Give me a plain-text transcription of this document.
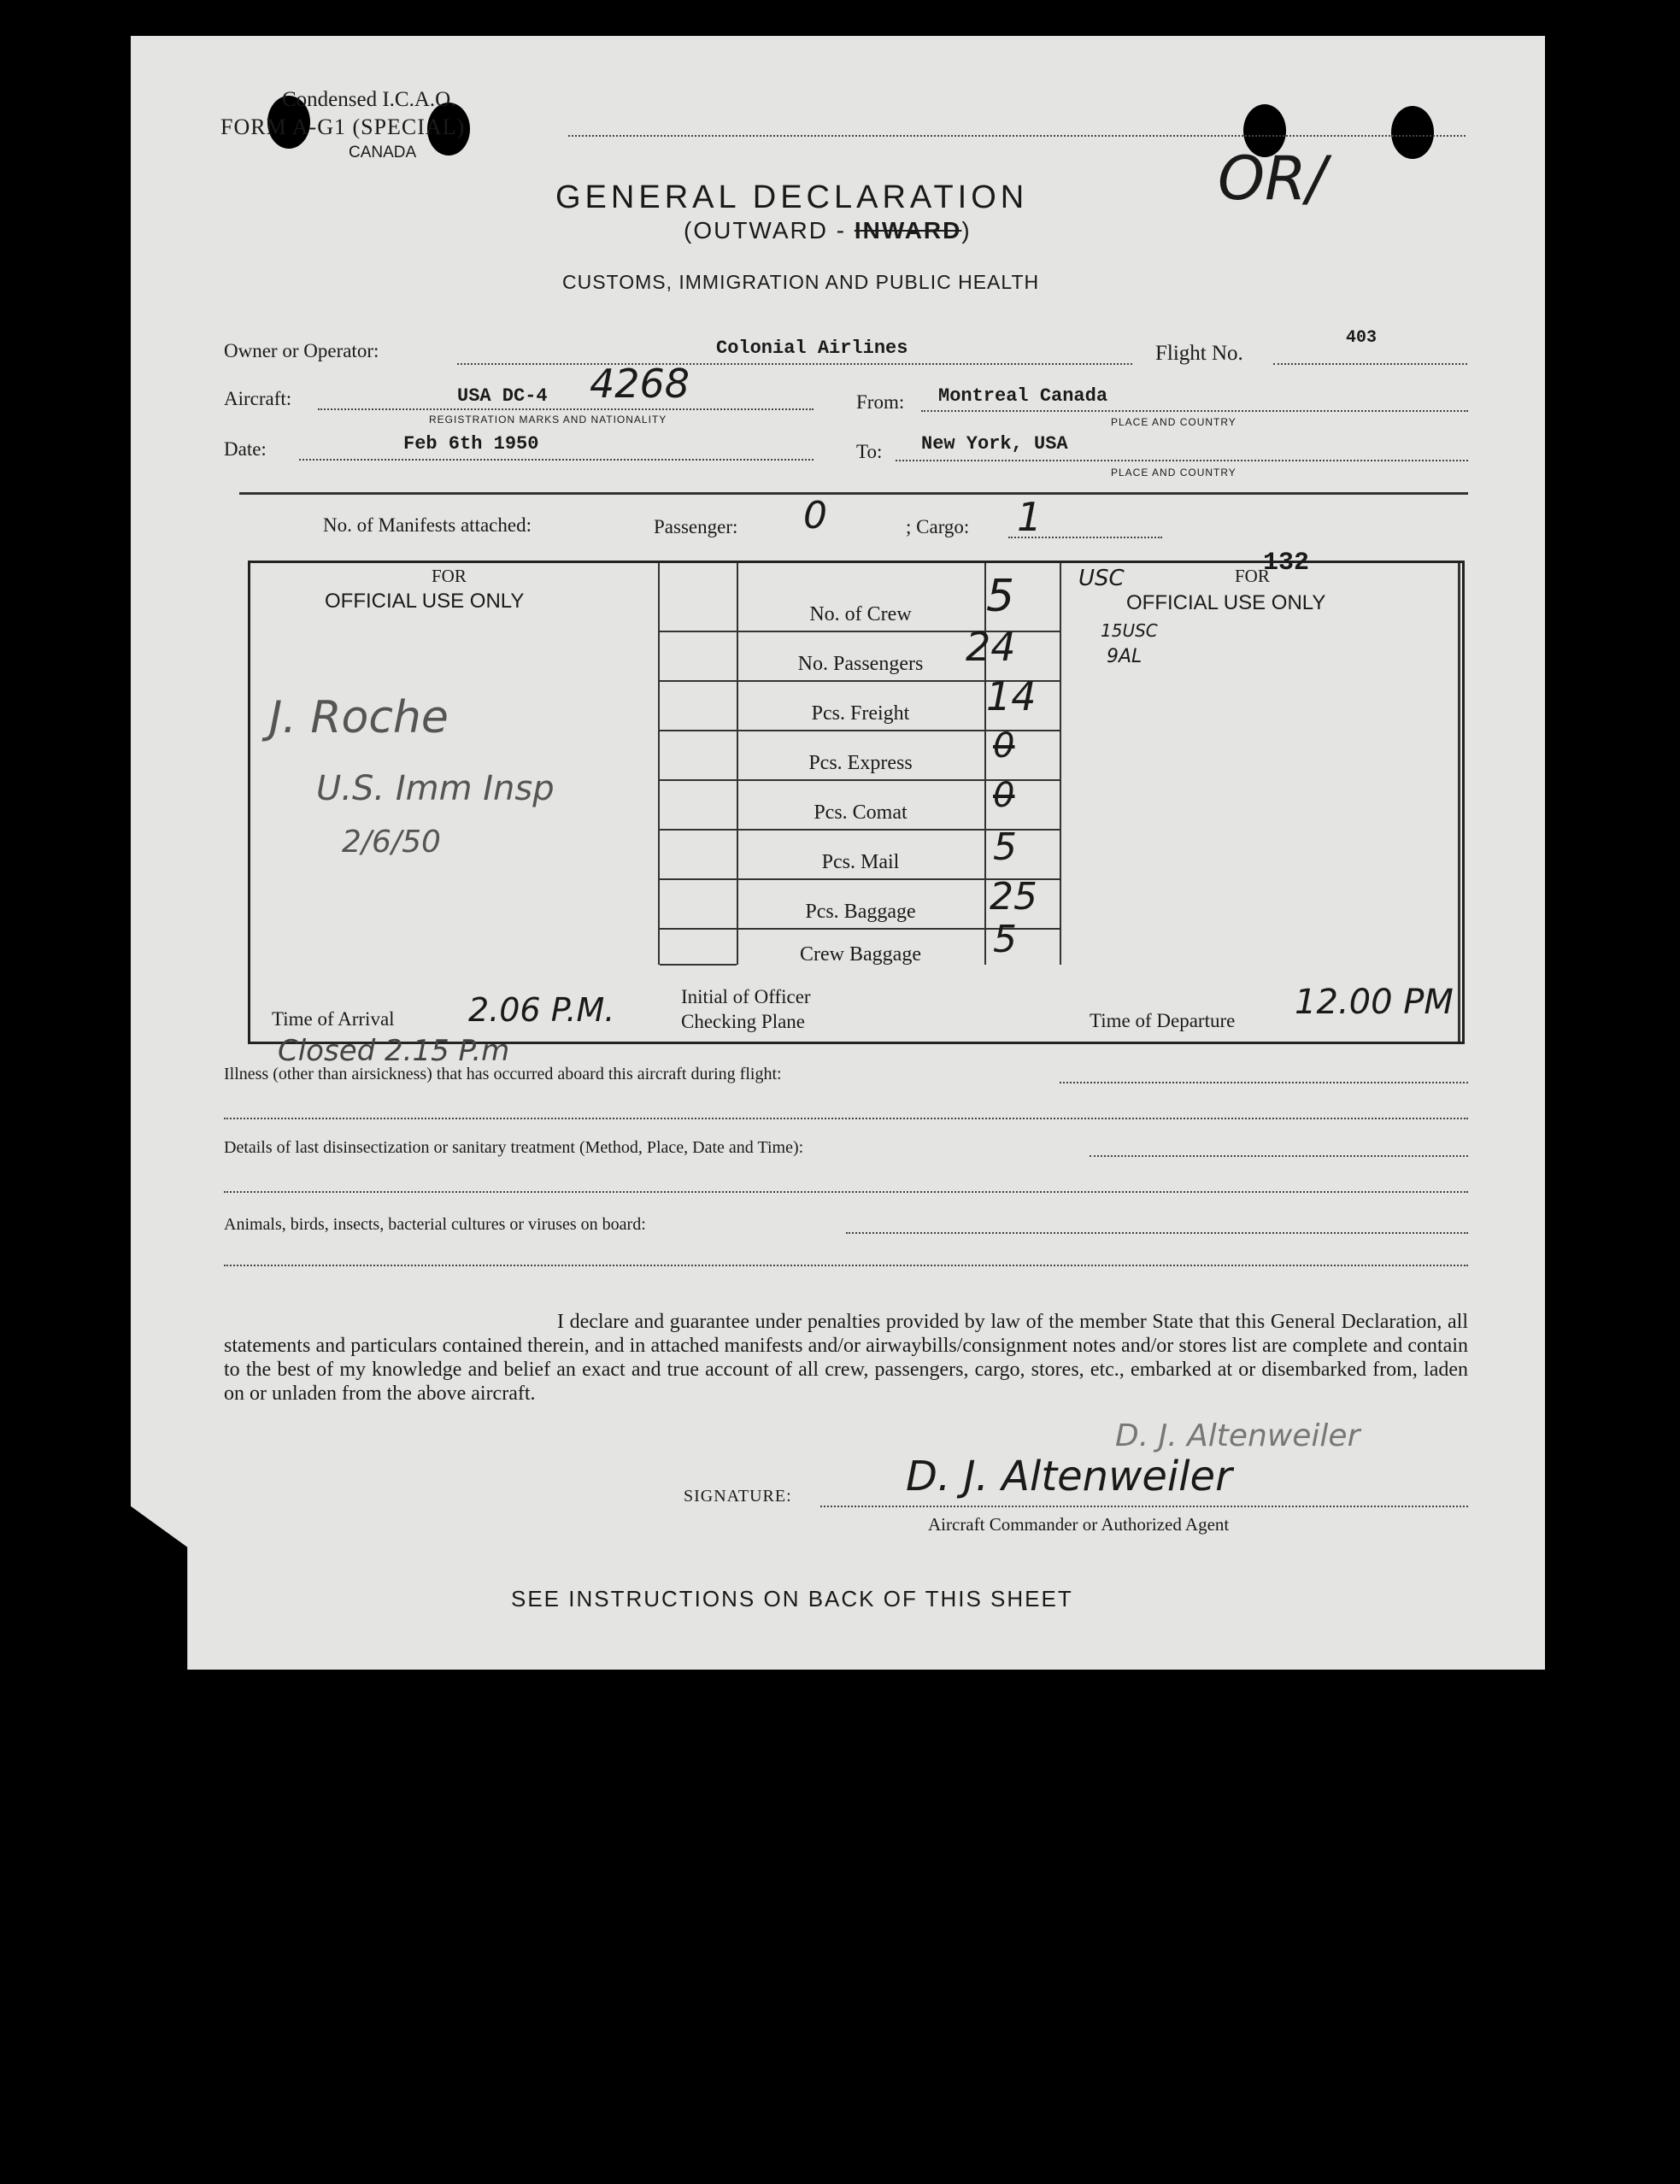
Condensed I.C.A.O.
FORM A-G1 (SPECIAL)
CANADA
GENERAL DECLARATION
(OUTWARD - INWARD)
OR/
CUSTOMS, IMMIGRATION AND PUBLIC HEALTH
Owner or Operator:	Colonial Airlines	Flight No.
403
Aircraft:	USA DC-4 4268
REGISTRATION MARKS AND NATIONALITY
From: Montreal Canada
PLACE AND COUNTRY
Date:	Feb 6th 1950	To: New York, USA
PLACE AND COUNTRY
No. of Manifests attached:	Passenger: 0	; Cargo: 1
FOR
OFFICIAL USE ONLY
J. Roche
U.S. Imm Insp
2/6/50
Time of Arrival 2.06 P.M.
Closed 2.15 P.m
No. of Crew	5
No. Passengers	24
Pcs. Freight	14
Pcs. Express	0
Pcs. Comat	0
Pcs. Mail	5
Pcs. Baggage	25
Crew Baggage	5
USC
15USC
9AL
FOR
132
OFFICIAL USE ONLY
Time of Departure 12.00 PM
Initial of Officer
Checking Plane
Illness (other than airsickness) that has occurred aboard this aircraft during flight:
Details of last disinsectization or sanitary treatment (Method, Place, Date and Time):
Animals, birds, insects, bacterial cultures or viruses on board:
I declare and guarantee under penalties provided by law of the member State that this General Declaration, all statements and particulars contained therein, and in attached manifests and/or airwaybills/consignment notes and/or stores list are complete and contain to the best of my knowledge and belief an exact and true account of all crew, passengers, cargo, stores, etc., embarked at or disembarked from, laden on or unladen from the above aircraft.
SIGNATURE:
D. J. Altenweiler
D. J. Altenweiler
Aircraft Commander or Authorized Agent
SEE INSTRUCTIONS ON BACK OF THIS SHEET
